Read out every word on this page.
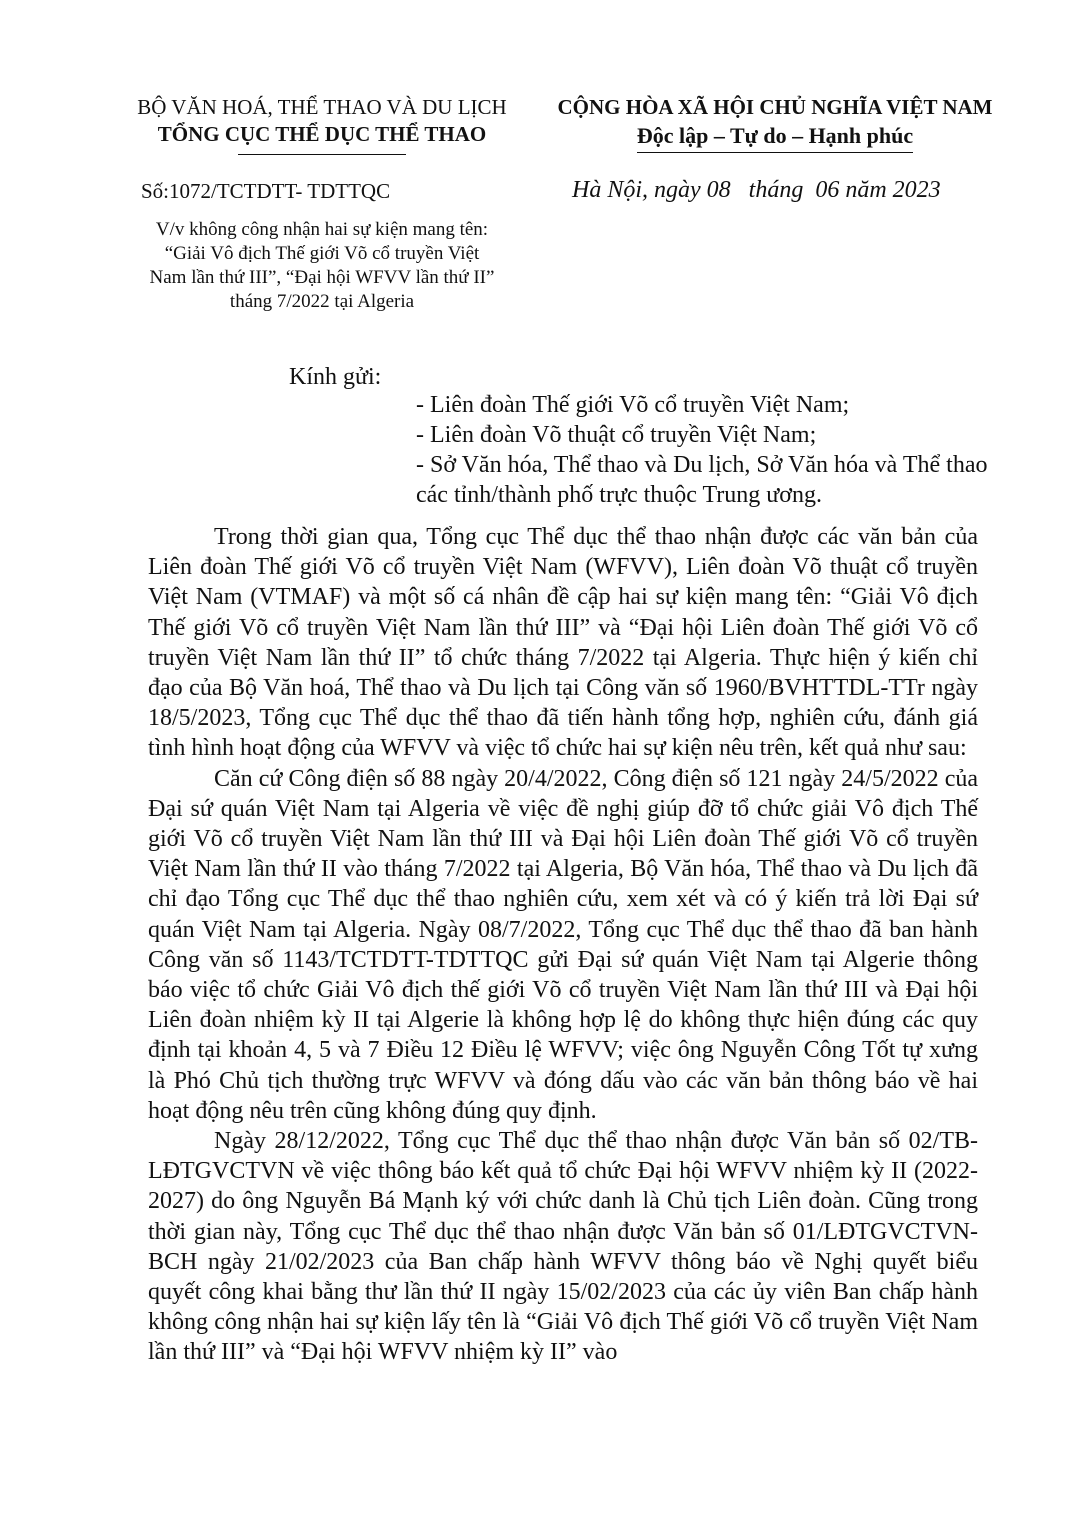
BỘ VĂN HOÁ, THỂ THAO VÀ DU LỊCH
TỔNG CỤC THỂ DỤC THỂ THAO
CỘNG HÒA XÃ HỘI CHỦ NGHĨA VIỆT NAM
Độc lập – Tự do – Hạnh phúc
Số:1072/TCTDTT- TDTTQC	Hà Nội, ngày 08   tháng  06 năm 2023
V/v không công nhận hai sự kiện mang tên:
“Giải Vô địch Thế giới Võ cổ truyền Việt
Nam lần thứ III”, “Đại hội WFVV lần thứ II”
tháng 7/2022 tại Algeria
Kính gửi:
- Liên đoàn Thế giới Võ cổ truyền Việt Nam;
- Liên đoàn Võ thuật cổ truyền Việt Nam;
- Sở Văn hóa, Thể thao và Du lịch, Sở Văn hóa và Thể thao các tỉnh/thành phố trực thuộc Trung ương.

Trong thời gian qua, Tổng cục Thể dục thể thao nhận được các văn bản của Liên đoàn Thế giới Võ cổ truyền Việt Nam (WFVV), Liên đoàn Võ thuật cổ truyền Việt Nam (VTMAF) và một số cá nhân đề cập hai sự kiện mang tên: “Giải Vô địch Thế giới Võ cổ truyền Việt Nam lần thứ III” và “Đại hội Liên đoàn Thế giới Võ cổ truyền Việt Nam lần thứ II” tổ chức tháng 7/2022 tại Algeria. Thực hiện ý kiến chỉ đạo của Bộ Văn hoá, Thể thao và Du lịch tại Công văn số 1960/BVHTTDL-TTr ngày 18/5/2023, Tổng cục Thể dục thể thao đã tiến hành tổng hợp, nghiên cứu, đánh giá tình hình hoạt động của WFVV và việc tổ chức hai sự kiện nêu trên, kết quả như sau:

Căn cứ Công điện số 88 ngày 20/4/2022, Công điện số 121 ngày 24/5/2022 của Đại sứ quán Việt Nam tại Algeria về việc đề nghị giúp đỡ tổ chức giải Vô địch Thế giới Võ cổ truyền Việt Nam lần thứ III và Đại hội Liên đoàn Thế giới Võ cổ truyền Việt Nam lần thứ II vào tháng 7/2022 tại Algeria, Bộ Văn hóa, Thể thao và Du lịch đã chỉ đạo Tổng cục Thể dục thể thao nghiên cứu, xem xét và có ý kiến trả lời Đại sứ quán Việt Nam tại Algeria. Ngày 08/7/2022, Tổng cục Thể dục thể thao đã ban hành Công văn số 1143/TCTDTT-TDTTQC gửi Đại sứ quán Việt Nam tại Algerie thông báo việc tổ chức Giải Vô địch thế giới Võ cổ truyền Việt Nam lần thứ III và Đại hội Liên đoàn nhiệm kỳ II tại Algerie là không hợp lệ do không thực hiện đúng các quy định tại khoản 4, 5 và 7 Điều 12 Điều lệ WFVV; việc ông Nguyễn Công Tốt tự xưng là Phó Chủ tịch thường trực WFVV và đóng dấu vào các văn bản thông báo về hai hoạt động nêu trên cũng không đúng quy định.

Ngày 28/12/2022, Tổng cục Thể dục thể thao nhận được Văn bản số 02/TB-LĐTGVCTVN về việc thông báo kết quả tổ chức Đại hội WFVV nhiệm kỳ II (2022-2027) do ông Nguyễn Bá Mạnh ký với chức danh là Chủ tịch Liên đoàn. Cũng trong thời gian này, Tổng cục Thể dục thể thao nhận được Văn bản số 01/LĐTGVCTVN-BCH ngày 21/02/2023 của Ban chấp hành WFVV thông báo về Nghị quyết biểu quyết công khai bằng thư lần thứ II ngày 15/02/2023 của các ủy viên Ban chấp hành không công nhận hai sự kiện lấy tên là “Giải Vô địch Thế giới Võ cổ truyền Việt Nam lần thứ III” và “Đại hội WFVV nhiệm kỳ II” vào
